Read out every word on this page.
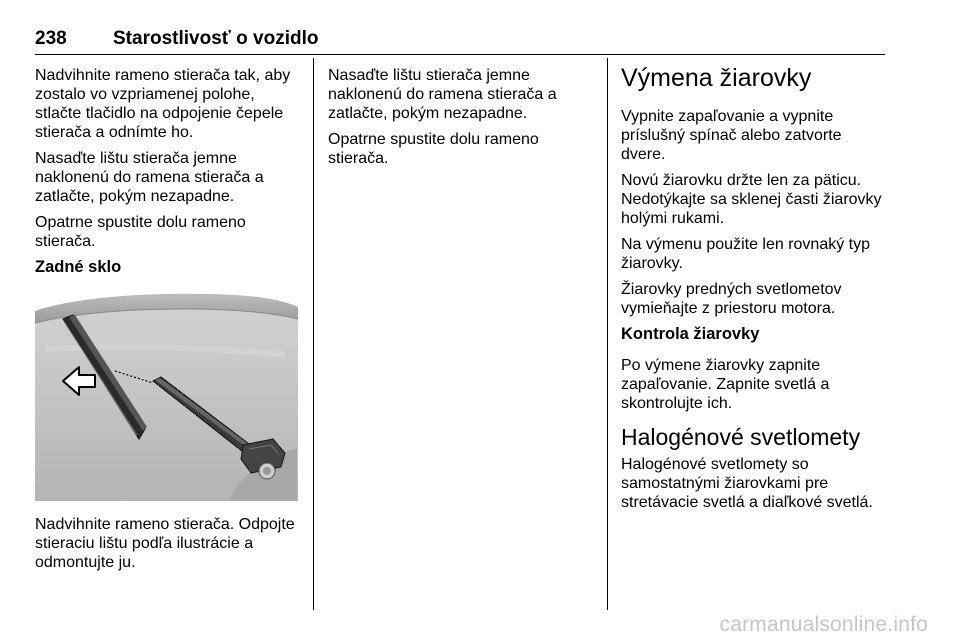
238 Starostlivosť o vozidlo
Nadvihnite rameno stierača tak, aby
zostalo vo vzpriamenej polohe,
stlačte tlačidlo na odpojenie čepele
stierača a odnímte ho.
Nasaďte lištu stierača jemne
naklonenú do ramena stierača a
zatlačte, pokým nezapadne.
Opatrne spustite dolu rameno
stierača.
Zadné sklo
Nadvihnite rameno stierača. Odpojte
stieraciu lištu podľa ilustrácie a
odmontujte ju.
Nasaďte lištu stierača jemne
naklonenú do ramena stierača a
zatlačte, pokým nezapadne.
Opatrne spustite dolu rameno
stierača.
Výmena žiarovky
Vypnite zapaľovanie a vypnite
príslušný spínač alebo zatvorte
dvere.
Novú žiarovku držte len za päticu.
Nedotýkajte sa sklenej časti žiarovky
holými rukami.
Na výmenu použite len rovnaký typ
žiarovky.
Žiarovky predných svetlometov
vymieňajte z priestoru motora.
Kontrola žiarovky
Po výmene žiarovky zapnite
zapaľovanie. Zapnite svetlá a
skontrolujte ich.
Halogénové svetlomety
Halogénové svetlomety so
samostatnými žiarovkami pre
stretávacie svetlá a diaľkové svetlá.
carmanualsonline.info
